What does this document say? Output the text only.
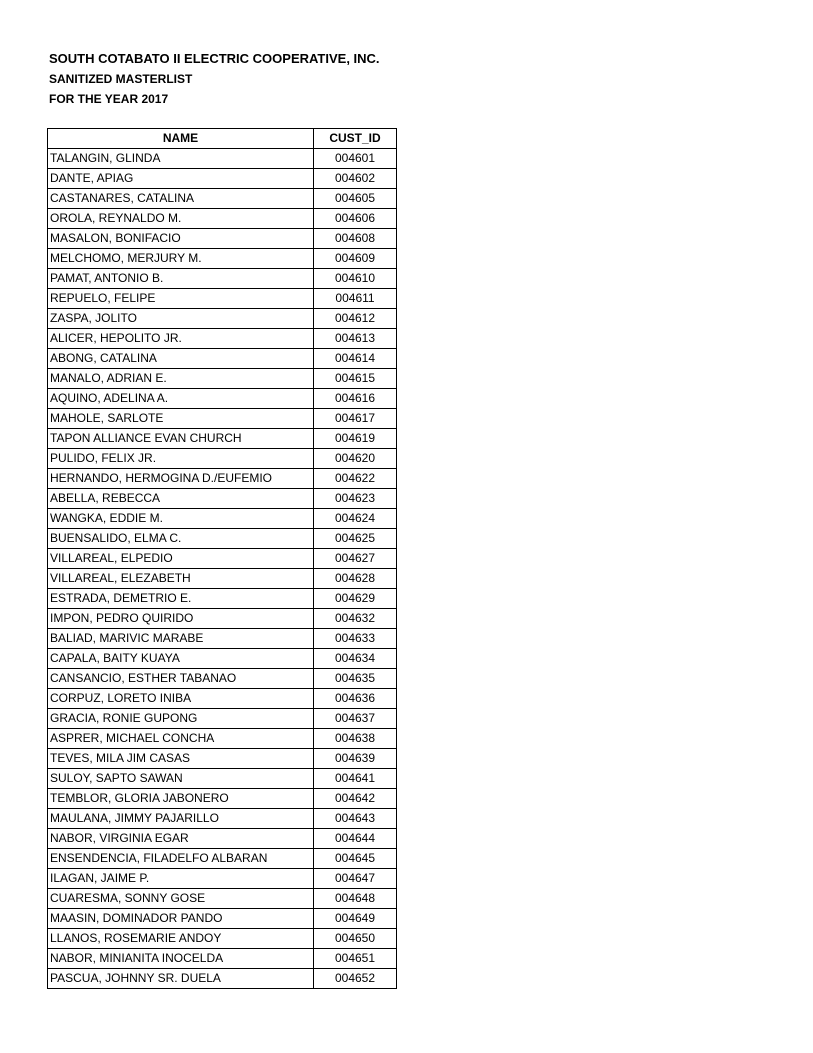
SOUTH COTABATO II ELECTRIC COOPERATIVE, INC.
SANITIZED MASTERLIST
FOR THE YEAR 2017
NAME	CUST_ID
TALANGIN, GLINDA	004601
DANTE, APIAG	004602
CASTANARES, CATALINA	004605
OROLA, REYNALDO M.	004606
MASALON, BONIFACIO	004608
MELCHOMO, MERJURY M.	004609
PAMAT, ANTONIO B.	004610
REPUELO, FELIPE	004611
ZASPA, JOLITO	004612
ALICER, HEPOLITO JR.	004613
ABONG, CATALINA	004614
MANALO, ADRIAN E.	004615
AQUINO, ADELINA A.	004616
MAHOLE, SARLOTE	004617
TAPON ALLIANCE EVAN CHURCH	004619
PULIDO, FELIX JR.	004620
HERNANDO, HERMOGINA D./EUFEMIO	004622
ABELLA, REBECCA	004623
WANGKA, EDDIE M.	004624
BUENSALIDO, ELMA C.	004625
VILLAREAL, ELPEDIO	004627
VILLAREAL, ELEZABETH	004628
ESTRADA, DEMETRIO E.	004629
IMPON, PEDRO QUIRIDO	004632
BALIAD, MARIVIC MARABE	004633
CAPALA, BAITY KUAYA	004634
CANSANCIO, ESTHER TABANAO	004635
CORPUZ, LORETO INIBA	004636
GRACIA, RONIE GUPONG	004637
ASPRER, MICHAEL CONCHA	004638
TEVES, MILA JIM CASAS	004639
SULOY, SAPTO SAWAN	004641
TEMBLOR, GLORIA JABONERO	004642
MAULANA, JIMMY PAJARILLO	004643
NABOR, VIRGINIA EGAR	004644
ENSENDENCIA, FILADELFO ALBARAN	004645
ILAGAN, JAIME P.	004647
CUARESMA, SONNY GOSE	004648
MAASIN, DOMINADOR PANDO	004649
LLANOS, ROSEMARIE ANDOY	004650
NABOR, MINIANITA INOCELDA	004651
PASCUA, JOHNNY SR. DUELA	004652
